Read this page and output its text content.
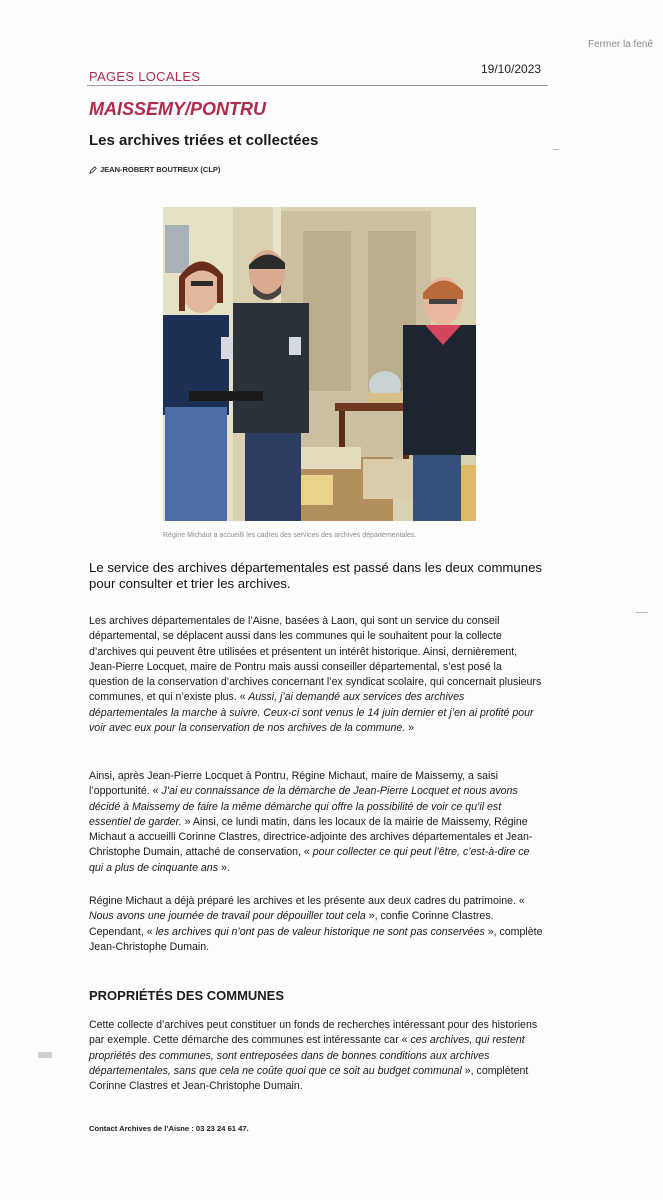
Fermer la fenê
PAGES LOCALES	19/10/2023
MAISSEMY/PONTRU
Les archives triées et collectées
JEAN-ROBERT BOUTREUX (CLP)
Régine Michaut a accueilli les cadres des services des archives départementales.
Le service des archives départementales est passé dans les deux communes pour consulter et trier les archives.

Les archives départementales de l’Aisne, basées à Laon, qui sont un service du conseil départemental, se déplacent aussi dans les communes qui le souhaitent pour la collecte d’archives qui peuvent être utilisées et présentent un intérêt historique. Ainsi, dernièrement, Jean-Pierre Locquet, maire de Pontru mais aussi conseiller départemental, s’est posé la question de la conservation d’archives concernant l’ex syndicat scolaire, qui concernait plusieurs communes, et qui n’existe plus. « Aussi, j’ai demandé aux services des archives départementales la marche à suivre. Ceux-ci sont venus le 14 juin dernier et j’en ai profité pour voir avec eux pour la conservation de nos archives de la commune. »

Ainsi, après Jean-Pierre Locquet à Pontru, Régine Michaut, maire de Maissemy, a saisi l’opportunité. « J’ai eu connaissance de la démarche de Jean-Pierre Locquet et nous avons décidé à Maissemy de faire la même démarche qui offre la possibilité de voir ce qu’il est essentiel de garder. » Ainsi, ce lundi matin, dans les locaux de la mairie de Maissemy, Régine Michaut a accueilli Corinne Clastres, directrice-adjointe des archives départementales et Jean-Christophe Dumain, attaché de conservation, « pour collecter ce qui peut l’être, c’est-à-dire ce qui a plus de cinquante ans ».

Régine Michaut a déjà préparé les archives et les présente aux deux cadres du patrimoine. « Nous avons une journée de travail pour dépouiller tout cela », confie Corinne Clastres. Cependant, « les archives qui n’ont pas de valeur historique ne sont pas conservées », complète Jean-Christophe Dumain.

PROPRIÉTÉS DES COMMUNES

Cette collecte d’archives peut constituer un fonds de recherches intéressant pour des historiens par exemple. Cette démarche des communes est intéressante car « ces archives, qui restent propriétés des communes, sont entreposées dans de bonnes conditions aux archives départementales, sans que cela ne coûte quoi que ce soit au budget communal », complètent Corinne Clastres et Jean-Christophe Dumain.

Contact Archives de l’Aisne : 03 23 24 61 47.
